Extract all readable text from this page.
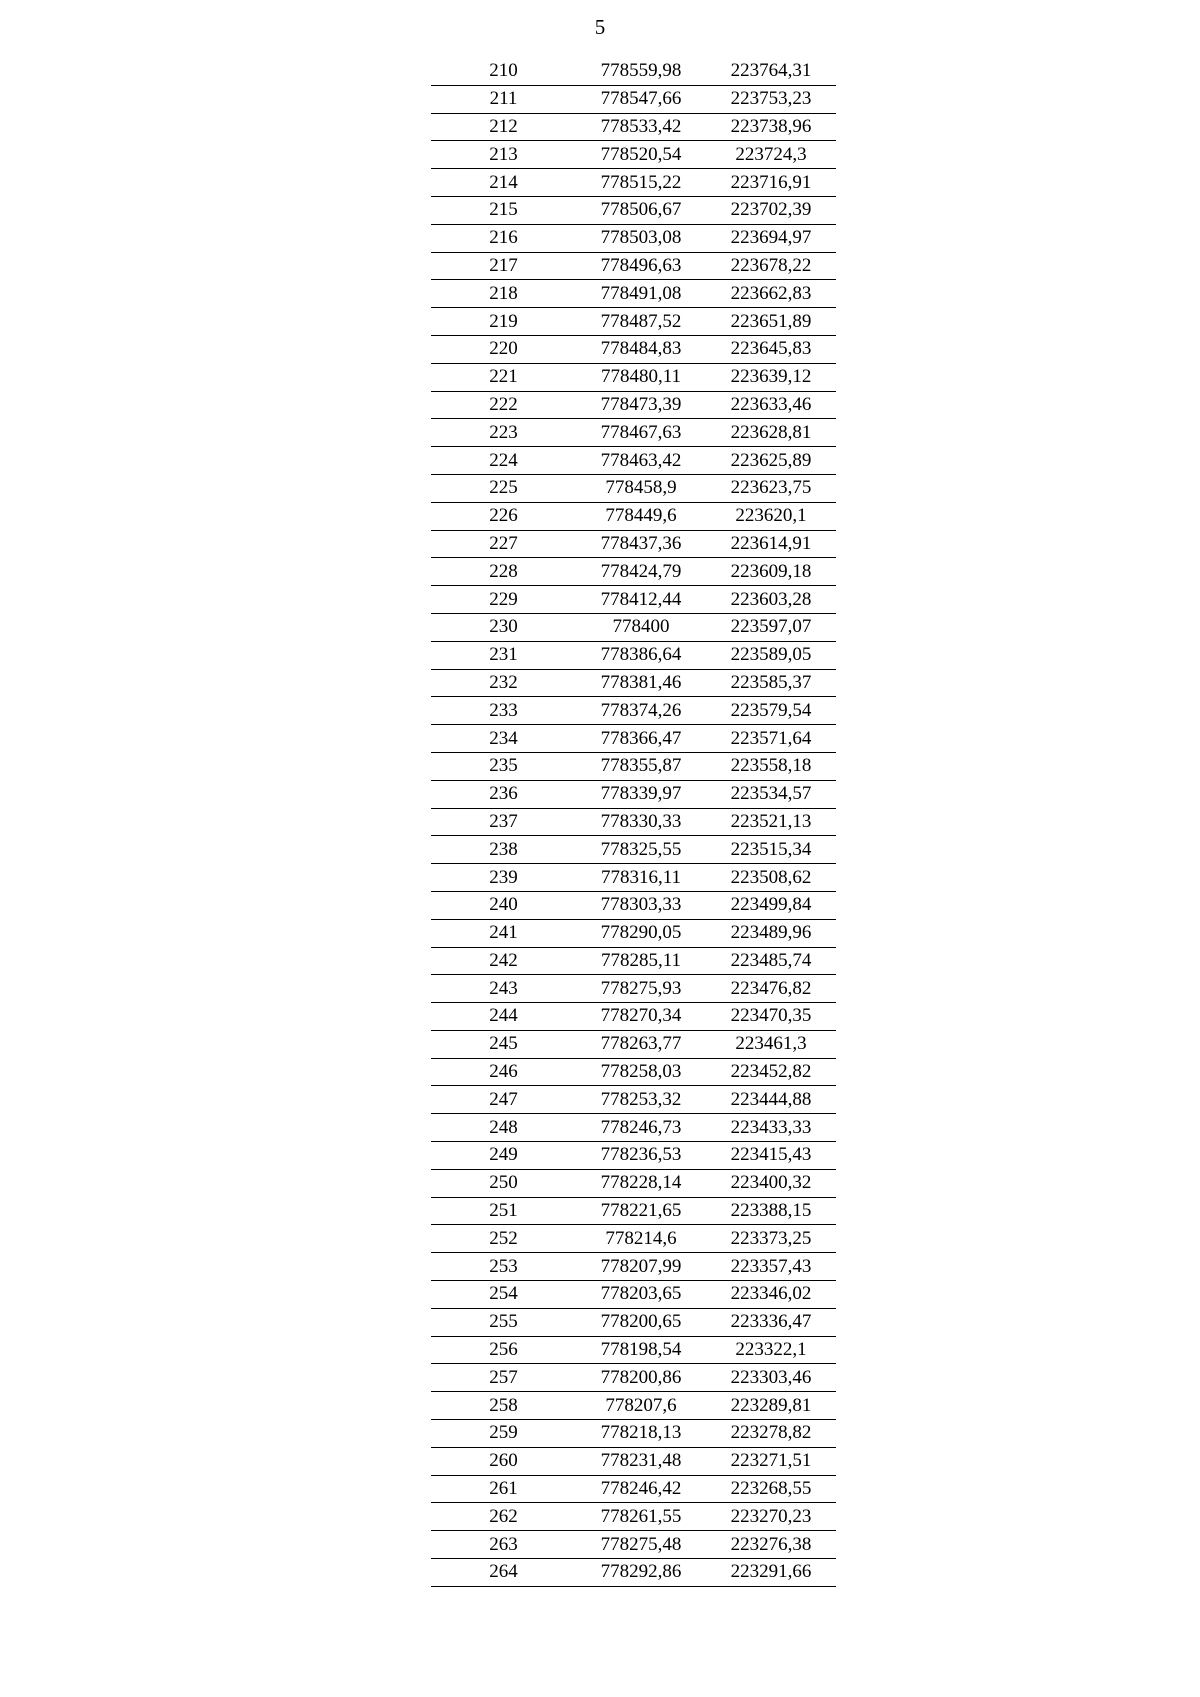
5
210	778559,98	223764,31
211	778547,66	223753,23
212	778533,42	223738,96
213	778520,54	223724,3
214	778515,22	223716,91
215	778506,67	223702,39
216	778503,08	223694,97
217	778496,63	223678,22
218	778491,08	223662,83
219	778487,52	223651,89
220	778484,83	223645,83
221	778480,11	223639,12
222	778473,39	223633,46
223	778467,63	223628,81
224	778463,42	223625,89
225	778458,9	223623,75
226	778449,6	223620,1
227	778437,36	223614,91
228	778424,79	223609,18
229	778412,44	223603,28
230	778400	223597,07
231	778386,64	223589,05
232	778381,46	223585,37
233	778374,26	223579,54
234	778366,47	223571,64
235	778355,87	223558,18
236	778339,97	223534,57
237	778330,33	223521,13
238	778325,55	223515,34
239	778316,11	223508,62
240	778303,33	223499,84
241	778290,05	223489,96
242	778285,11	223485,74
243	778275,93	223476,82
244	778270,34	223470,35
245	778263,77	223461,3
246	778258,03	223452,82
247	778253,32	223444,88
248	778246,73	223433,33
249	778236,53	223415,43
250	778228,14	223400,32
251	778221,65	223388,15
252	778214,6	223373,25
253	778207,99	223357,43
254	778203,65	223346,02
255	778200,65	223336,47
256	778198,54	223322,1
257	778200,86	223303,46
258	778207,6	223289,81
259	778218,13	223278,82
260	778231,48	223271,51
261	778246,42	223268,55
262	778261,55	223270,23
263	778275,48	223276,38
264	778292,86	223291,66
